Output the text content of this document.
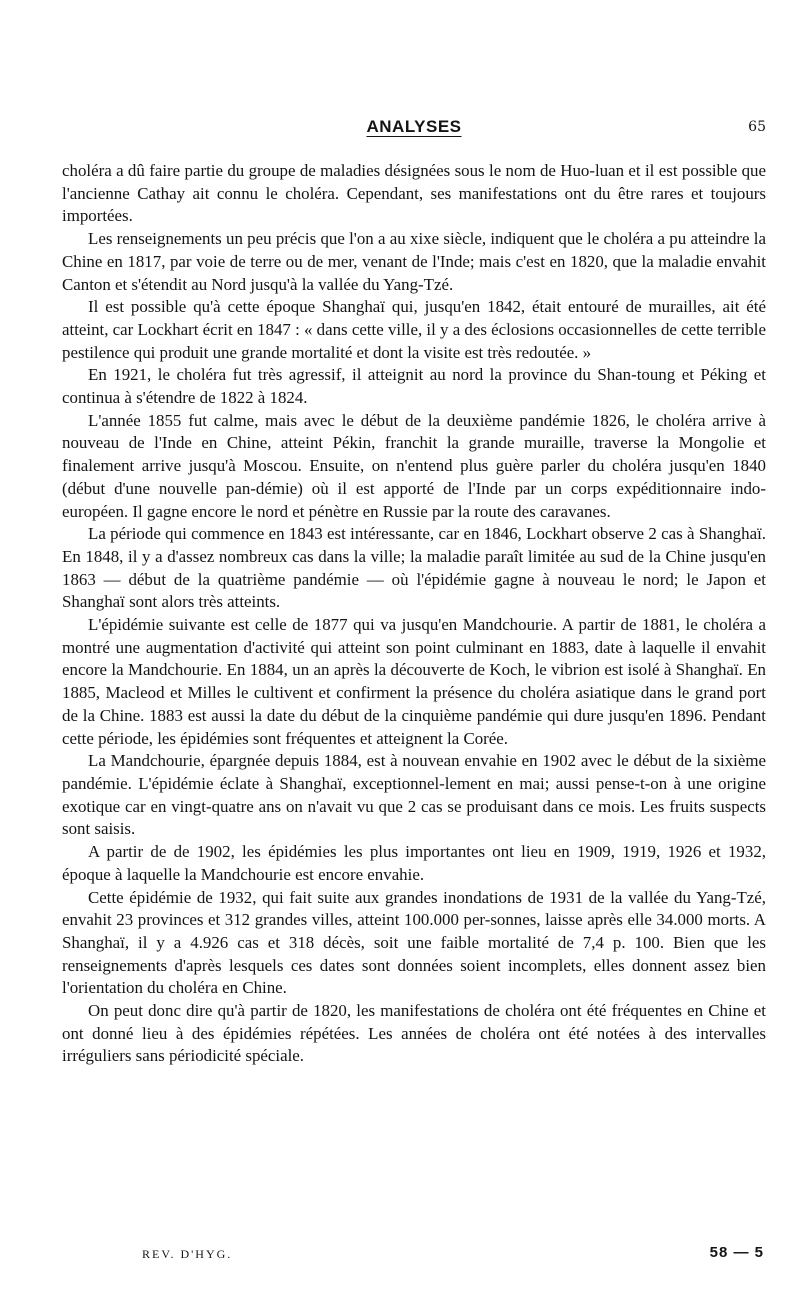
ANALYSES	65

choléra a dû faire partie du groupe de maladies désignées sous le nom de Huo-luan et il est possible que l'ancienne Cathay ait connu le choléra. Cependant, ses manifestations ont du être rares et toujours importées.

Les renseignements un peu précis que l'on a au xixe siècle, indiquent que le choléra a pu atteindre la Chine en 1817, par voie de terre ou de mer, venant de l'Inde; mais c'est en 1820, que la maladie envahit Canton et s'étendit au Nord jusqu'à la vallée du Yang-Tzé.

Il est possible qu'à cette époque Shanghaï qui, jusqu'en 1842, était entouré de murailles, ait été atteint, car Lockhart écrit en 1847 : « dans cette ville, il y a des éclosions occasionnelles de cette terrible pestilence qui produit une grande mortalité et dont la visite est très redoutée. »

En 1921, le choléra fut très agressif, il atteignit au nord la province du Shan-toung et Péking et continua à s'étendre de 1822 à 1824.

L'année 1855 fut calme, mais avec le début de la deuxième pandémie 1826, le choléra arrive à nouveau de l'Inde en Chine, atteint Pékin, franchit la grande muraille, traverse la Mongolie et finalement arrive jusqu'à Moscou. Ensuite, on n'entend plus guère parler du choléra jusqu'en 1840 (début d'une nouvelle pan-démie) où il est apporté de l'Inde par un corps expéditionnaire indo-européen. Il gagne encore le nord et pénètre en Russie par la route des caravanes.

La période qui commence en 1843 est intéressante, car en 1846, Lockhart observe 2 cas à Shanghaï. En 1848, il y a d'assez nombreux cas dans la ville; la maladie paraît limitée au sud de la Chine jusqu'en 1863 — début de la quatrième pandémie — où l'épidémie gagne à nouveau le nord; le Japon et Shanghaï sont alors très atteints.

L'épidémie suivante est celle de 1877 qui va jusqu'en Mandchourie. A partir de 1881, le choléra a montré une augmentation d'activité qui atteint son point culminant en 1883, date à laquelle il envahit encore la Mandchourie. En 1884, un an après la découverte de Koch, le vibrion est isolé à Shanghaï. En 1885, Macleod et Milles le cultivent et confirment la présence du choléra asiatique dans le grand port de la Chine. 1883 est aussi la date du début de la cinquième pandémie qui dure jusqu'en 1896. Pendant cette période, les épidémies sont fréquentes et atteignent la Corée.

La Mandchourie, épargnée depuis 1884, est à nouvean envahie en 1902 avec le début de la sixième pandémie. L'épidémie éclate à Shanghaï, exceptionnel-lement en mai; aussi pense-t-on à une origine exotique car en vingt-quatre ans on n'avait vu que 2 cas se produisant dans ce mois. Les fruits suspects sont saisis.

A partir de de 1902, les épidémies les plus importantes ont lieu en 1909, 1919, 1926 et 1932, époque à laquelle la Mandchourie est encore envahie.

Cette épidémie de 1932, qui fait suite aux grandes inondations de 1931 de la vallée du Yang-Tzé, envahit 23 provinces et 312 grandes villes, atteint 100.000 per-sonnes, laisse après elle 34.000 morts. A Shanghaï, il y a 4.926 cas et 318 décès, soit une faible mortalité de 7,4 p. 100. Bien que les renseignements d'après lesquels ces dates sont données soient incomplets, elles donnent assez bien l'orientation du choléra en Chine.

On peut donc dire qu'à partir de 1820, les manifestations de choléra ont été fréquentes en Chine et ont donné lieu à des épidémies répétées. Les années de choléra ont été notées à des intervalles irréguliers sans périodicité spéciale.

REV. D'HYG.	58 — 5
